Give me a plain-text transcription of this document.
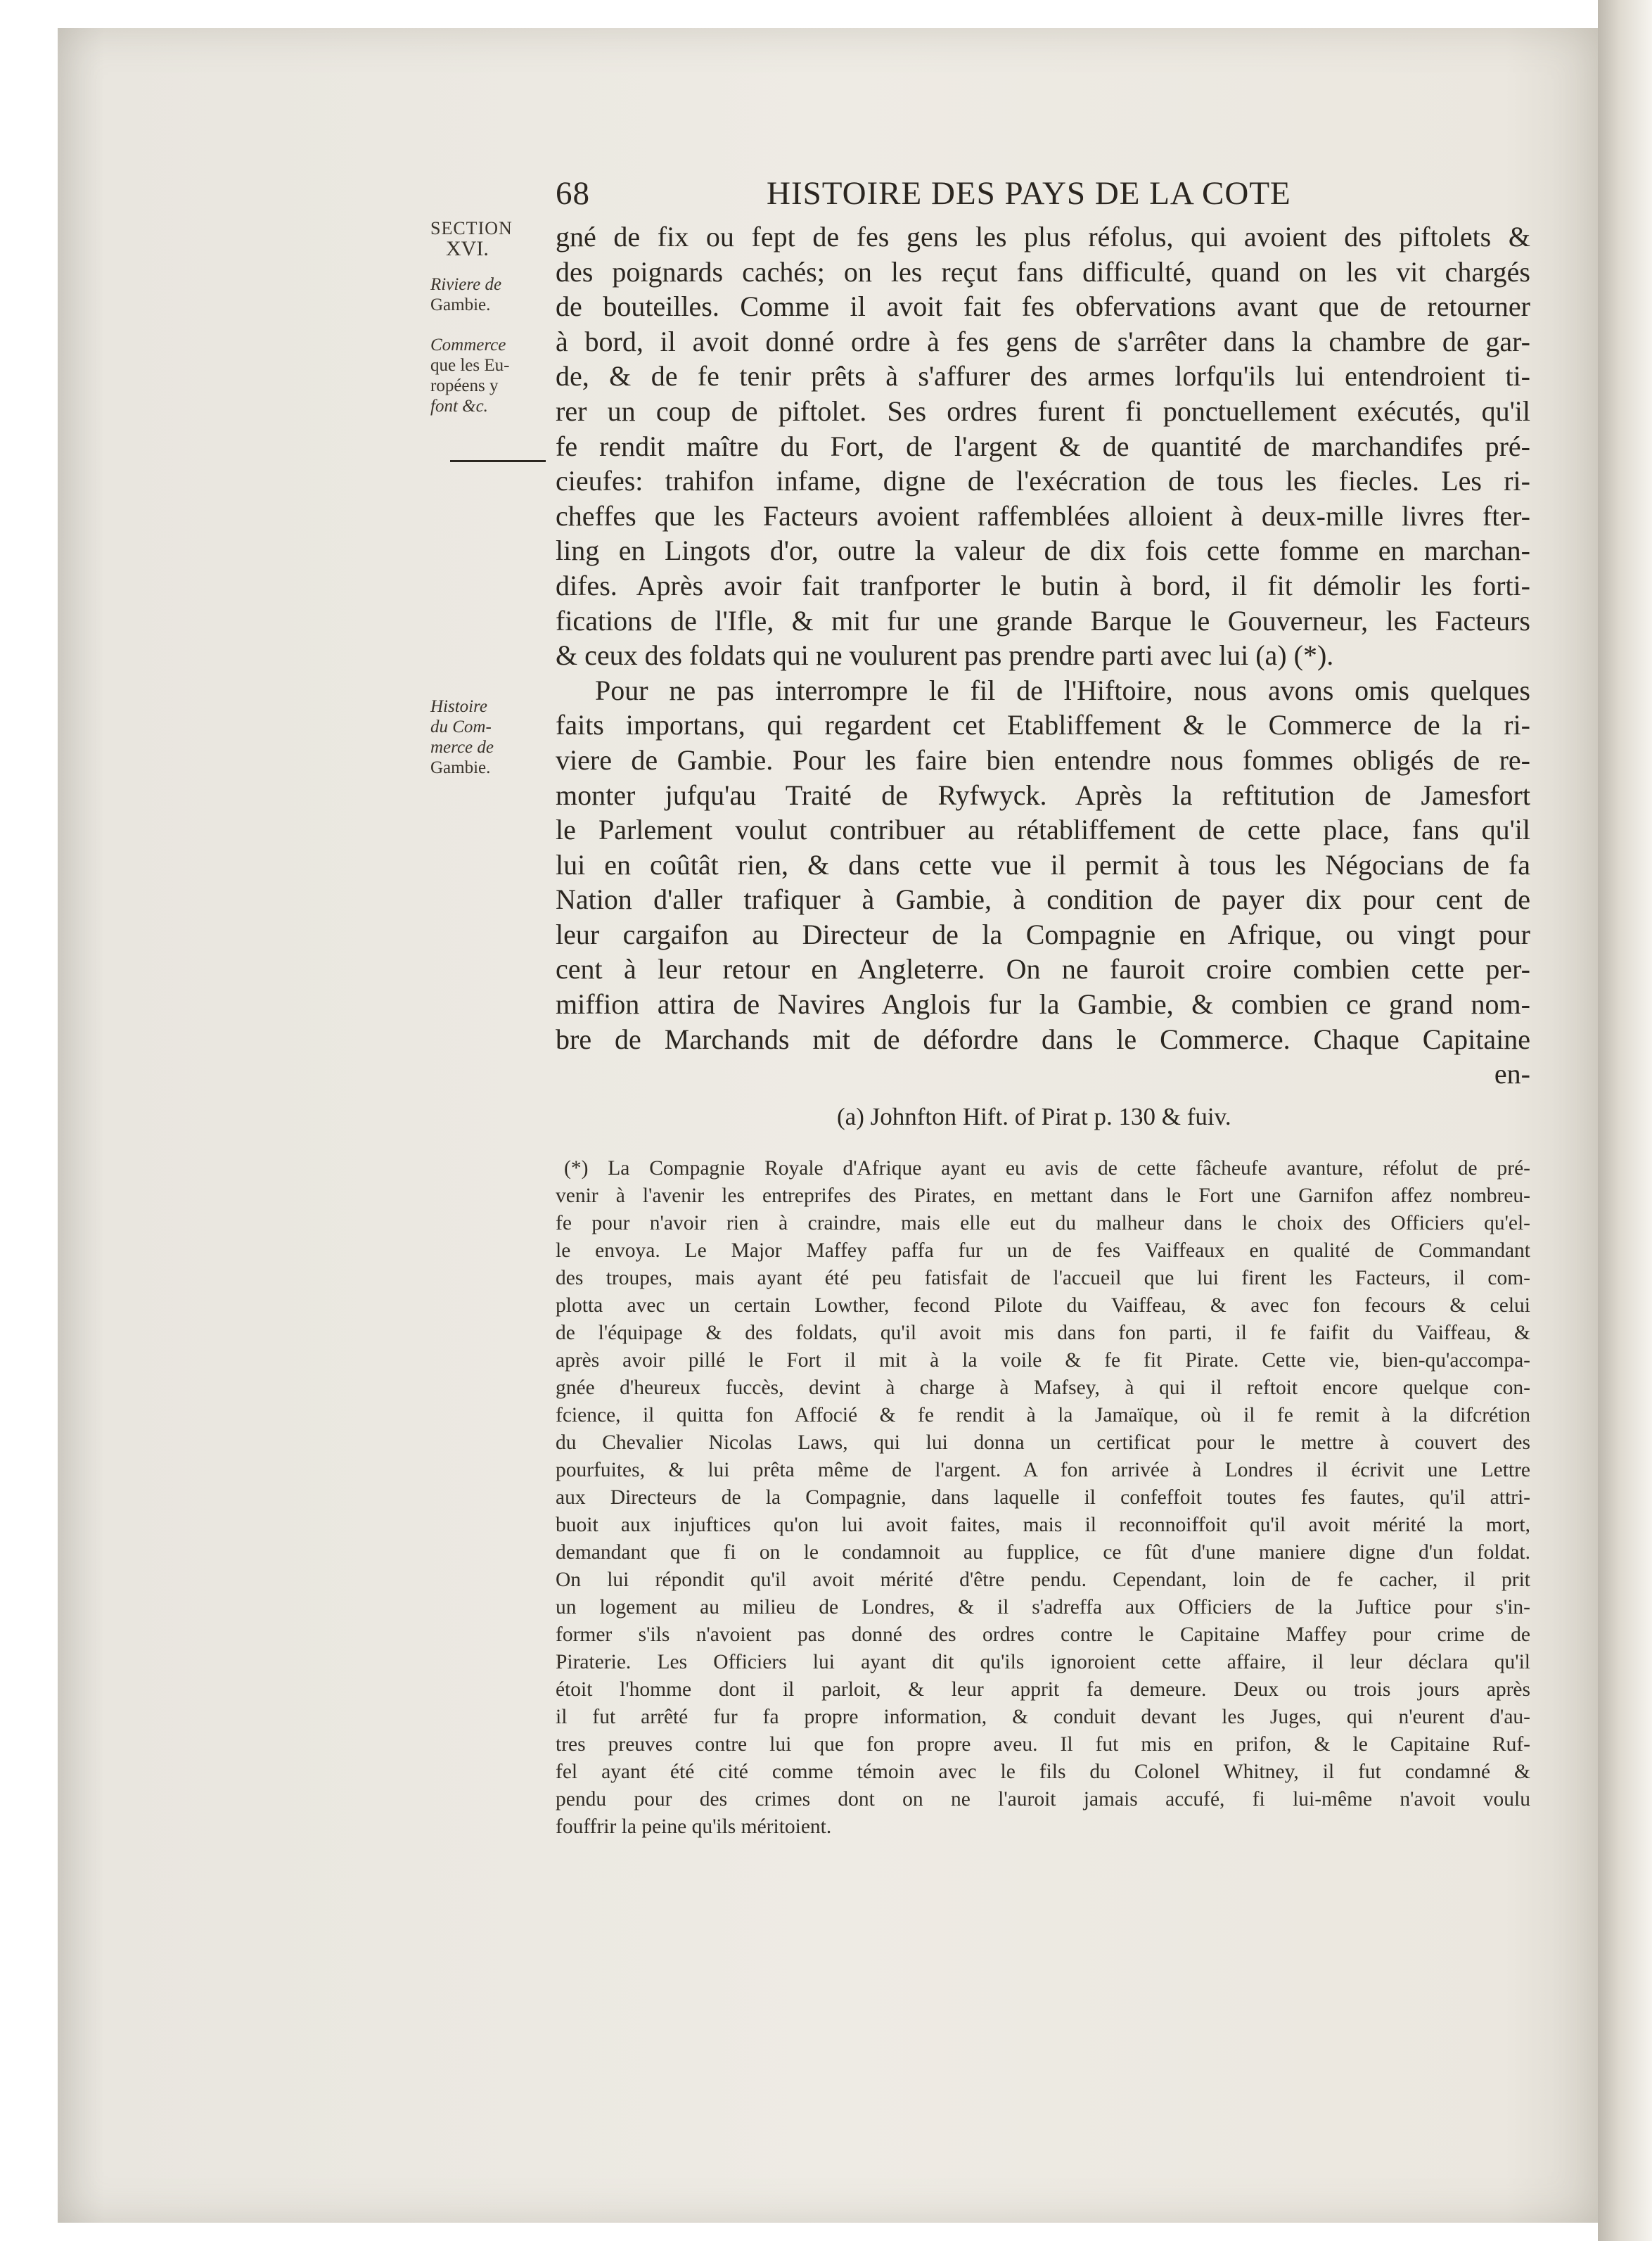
68	HISTOIRE DES PAYS DE LA COTE
SECTION
XVI.
Riviere de
Gambie.
Commerce
que les Eu-
ropéens y
font &c.
Histoire
du Com-
merce de
Gambie.
gné de fix ou fept de fes gens les plus réfolus, qui avoient des piftolets &
des poignards cachés; on les reçut fans difficulté, quand on les vit chargés
de bouteilles. Comme il avoit fait fes obfervations avant que de retourner
à bord, il avoit donné ordre à fes gens de s'arrêter dans la chambre de gar-
de, & de fe tenir prêts à s'affurer des armes lorfqu'ils lui entendroient ti-
rer un coup de piftolet. Ses ordres furent fi ponctuellement exécutés, qu'il
fe rendit maître du Fort, de l'argent & de quantité de marchandifes pré-
cieufes: trahifon infame, digne de l'exécration de tous les fiecles. Les ri-
cheffes que les Facteurs avoient raffemblées alloient à deux-mille livres fter-
ling en Lingots d'or, outre la valeur de dix fois cette fomme en marchan-
difes. Après avoir fait tranfporter le butin à bord, il fit démolir les forti-
fications de l'Ifle, & mit fur une grande Barque le Gouverneur, les Facteurs
& ceux des foldats qui ne voulurent pas prendre parti avec lui (a) (*).
Pour ne pas interrompre le fil de l'Hiftoire, nous avons omis quelques
faits importans, qui regardent cet Etabliffement & le Commerce de la ri-
viere de Gambie. Pour les faire bien entendre nous fommes obligés de re-
monter jufqu'au Traité de Ryfwyck. Après la reftitution de Jamesfort
le Parlement voulut contribuer au rétabliffement de cette place, fans qu'il
lui en coûtât rien, & dans cette vue il permit à tous les Négocians de fa
Nation d'aller trafiquer à Gambie, à condition de payer dix pour cent de
leur cargaifon au Directeur de la Compagnie en Afrique, ou vingt pour
cent à leur retour en Angleterre. On ne fauroit croire combien cette per-
miffion attira de Navires Anglois fur la Gambie, & combien ce grand nom-
bre de Marchands mit de défordre dans le Commerce. Chaque Capitaine
en-
(a) Johnfton Hift. of Pirat p. 130 & fuiv.
(*) La Compagnie Royale d'Afrique ayant eu avis de cette fâcheufe avanture, réfolut de pré-
venir à l'avenir les entreprifes des Pirates, en mettant dans le Fort une Garnifon affez nombreu-
fe pour n'avoir rien à craindre, mais elle eut du malheur dans le choix des Officiers qu'el-
le envoya. Le Major Maffey paffa fur un de fes Vaiffeaux en qualité de Commandant
des troupes, mais ayant été peu fatisfait de l'accueil que lui firent les Facteurs, il com-
plotta avec un certain Lowther, fecond Pilote du Vaiffeau, & avec fon fecours & celui
de l'équipage & des foldats, qu'il avoit mis dans fon parti, il fe faifit du Vaiffeau, &
après avoir pillé le Fort il mit à la voile & fe fit Pirate. Cette vie, bien-qu'accompa-
gnée d'heureux fuccès, devint à charge à Mafsey, à qui il reftoit encore quelque con-
fcience, il quitta fon Affocié & fe rendit à la Jamaïque, où il fe remit à la difcrétion
du Chevalier Nicolas Laws, qui lui donna un certificat pour le mettre à couvert des
pourfuites, & lui prêta même de l'argent. A fon arrivée à Londres il écrivit une Lettre
aux Directeurs de la Compagnie, dans laquelle il confeffoit toutes fes fautes, qu'il attri-
buoit aux injuftices qu'on lui avoit faites, mais il reconnoiffoit qu'il avoit mérité la mort,
demandant que fi on le condamnoit au fupplice, ce fût d'une maniere digne d'un foldat.
On lui répondit qu'il avoit mérité d'être pendu. Cependant, loin de fe cacher, il prit
un logement au milieu de Londres, & il s'adreffa aux Officiers de la Juftice pour s'in-
former s'ils n'avoient pas donné des ordres contre le Capitaine Maffey pour crime de
Piraterie. Les Officiers lui ayant dit qu'ils ignoroient cette affaire, il leur déclara qu'il
étoit l'homme dont il parloit, & leur apprit fa demeure. Deux ou trois jours après
il fut arrêté fur fa propre information, & conduit devant les Juges, qui n'eurent d'au-
tres preuves contre lui que fon propre aveu. Il fut mis en prifon, & le Capitaine Ruf-
fel ayant été cité comme témoin avec le fils du Colonel Whitney, il fut condamné &
pendu pour des crimes dont on ne l'auroit jamais accufé, fi lui-même n'avoit voulu
fouffrir la peine qu'ils méritoient.
